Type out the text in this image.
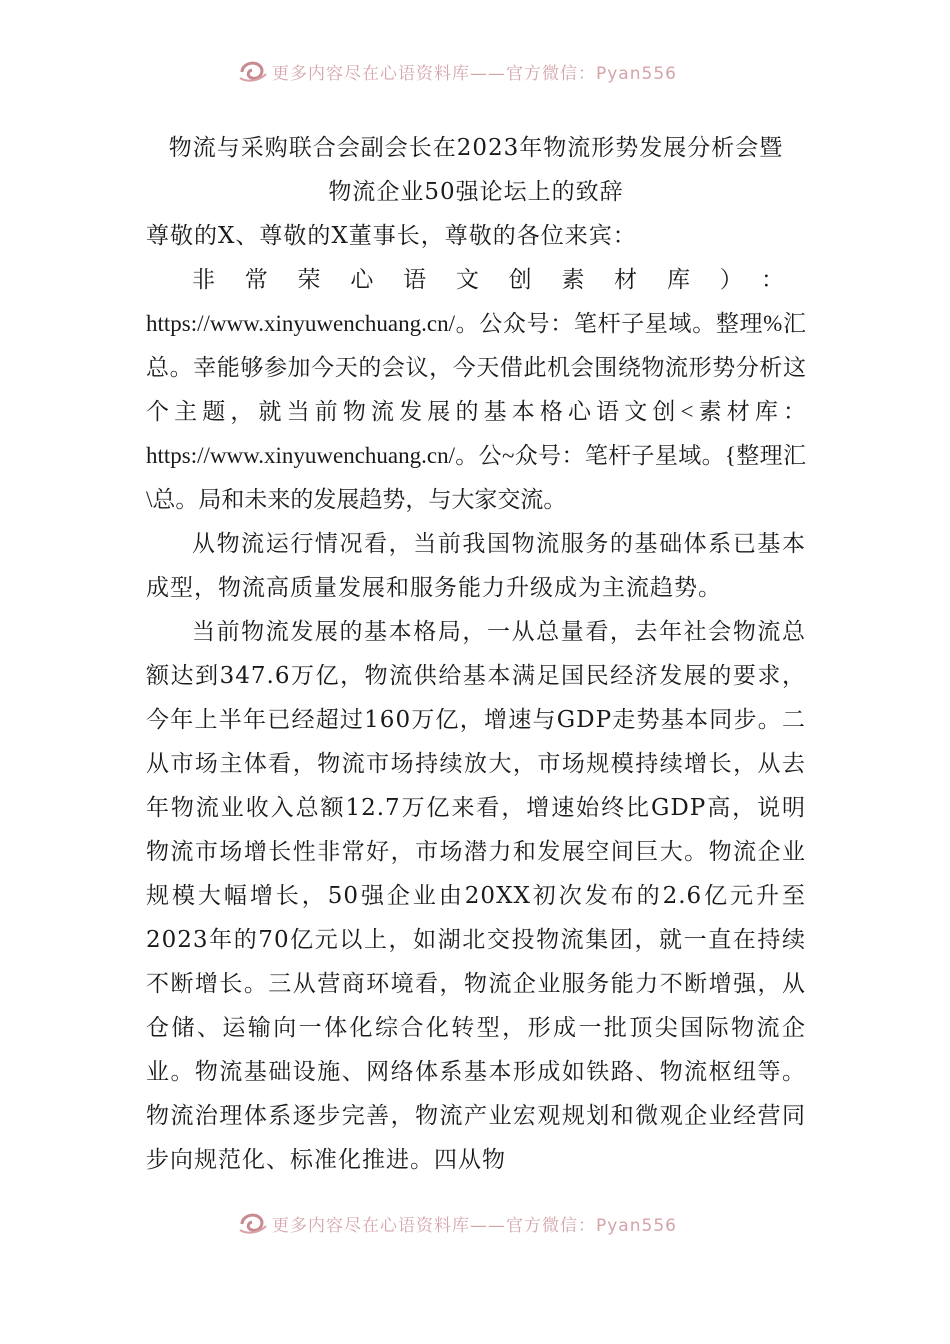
更多内容尽在心语资料库——官方微信：Pyan556

物流与采购联合会副会长在2023年物流形势发展分析会暨

物流企业50强论坛上的致辞

尊敬的X、尊敬的X董事长，尊敬的各位来宾：

非常荣心语文创素材库）：https://www.xinyuwenchuang.cn/。公众号：笔杆子星域。整理%汇总。幸能够参加今天的会议，今天借此机会围绕物流形势分析这个主题，就当前物流发展的基本格心语文创<素材库：https://www.xinyuwenchuang.cn/。公~众号：笔杆子星域。{整理汇\总。局和未来的发展趋势，与大家交流。

从物流运行情况看，当前我国物流服务的基础体系已基本成型，物流高质量发展和服务能力升级成为主流趋势。

当前物流发展的基本格局，一从总量看，去年社会物流总额达到347.6万亿，物流供给基本满足国民经济发展的要求，今年上半年已经超过160万亿，增速与GDP走势基本同步。二从市场主体看，物流市场持续放大，市场规模持续增长，从去年物流业收入总额12.7万亿来看，增速始终比GDP高，说明物流市场增长性非常好，市场潜力和发展空间巨大。物流企业规模大幅增长，50强企业由20XX初次发布的2.6亿元升至2023年的70亿元以上，如湖北交投物流集团，就一直在持续不断增长。三从营商环境看，物流企业服务能力不断增强，从仓储、运输向一体化综合化转型，形成一批顶尖国际物流企业。物流基础设施、网络体系基本形成如铁路、物流枢纽等。物流治理体系逐步完善，物流产业宏观规划和微观企业经营同步向规范化、标准化推进。四从物

更多内容尽在心语资料库——官方微信：Pyan556
